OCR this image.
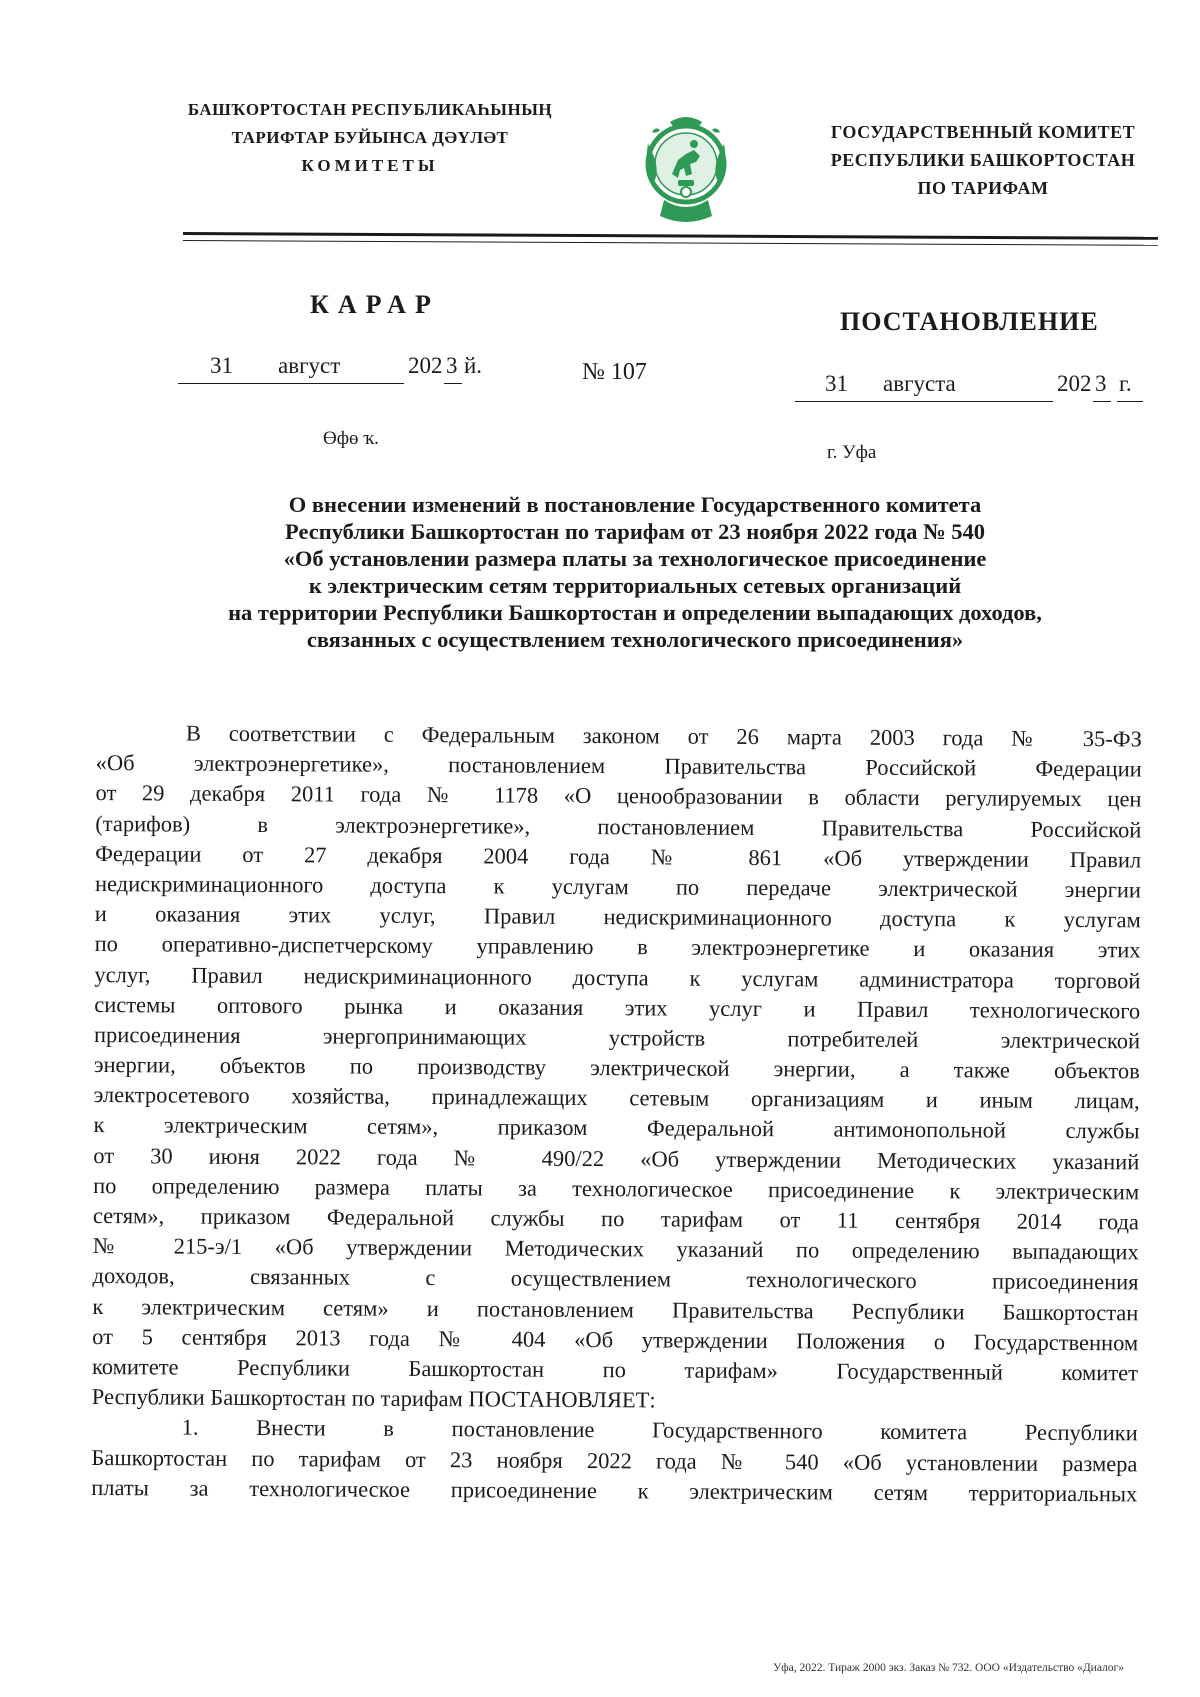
БАШҠОРТОСТАН РЕСПУБЛИКАҺЫНЫҢ
ТАРИФТАР БУЙЫНСА ДӘҮЛӘТ
КОМИТЕТЫ
ГОСУДАРСТВЕННЫЙ КОМИТЕТ
РЕСПУБЛИКИ БАШКОРТОСТАН
ПО ТАРИФАМ
КАРАР
ПОСТАНОВЛЕНИЕ
31 август	202 3 й.	№ 107	31 августа	202 3 г.
Өфө ҡ.
г. Уфа
О внесении изменений в постановление Государственного комитета
Республики Башкортостан по тарифам от 23 ноября 2022 года № 540
«Об установлении размера платы за технологическое присоединение
к электрическим сетям территориальных сетевых организаций
на территории Республики Башкортостан и определении выпадающих доходов,
связанных с осуществлением технологического присоединения»
В соответствии с Федеральным законом от 26 марта 2003 года № 35-ФЗ
«Об электроэнергетике», постановлением Правительства Российской Федерации
от 29 декабря 2011 года № 1178 «О ценообразовании в области регулируемых цен
(тарифов) в электроэнергетике», постановлением Правительства Российской
Федерации от 27 декабря 2004 года № 861 «Об утверждении Правил
недискриминационного доступа к услугам по передаче электрической энергии
и оказания этих услуг, Правил недискриминационного доступа к услугам
по оперативно-диспетчерскому управлению в электроэнергетике и оказания этих
услуг, Правил недискриминационного доступа к услугам администратора торговой
системы оптового рынка и оказания этих услуг и Правил технологического
присоединения энергопринимающих устройств потребителей электрической
энергии, объектов по производству электрической энергии, а также объектов
электросетевого хозяйства, принадлежащих сетевым организациям и иным лицам,
к электрическим сетям», приказом Федеральной антимонопольной службы
от 30 июня 2022 года № 490/22 «Об утверждении Методических указаний
по определению размера платы за технологическое присоединение к электрическим
сетям», приказом Федеральной службы по тарифам от 11 сентября 2014 года
№ 215-э/1 «Об утверждении Методических указаний по определению выпадающих
доходов, связанных с осуществлением технологического присоединения
к электрическим сетям» и постановлением Правительства Республики Башкортостан
от 5 сентября 2013 года № 404 «Об утверждении Положения о Государственном
комитете Республики Башкортостан по тарифам» Государственный комитет
Республики Башкортостан по тарифам ПОСТАНОВЛЯЕТ:
1. Внести в постановление Государственного комитета Республики
Башкортостан по тарифам от 23 ноября 2022 года № 540 «Об установлении размера
платы за технологическое присоединение к электрическим сетям территориальных
Уфа, 2022. Тираж 2000 экз. Заказ № 732. ООО «Издательство «Диалог»
